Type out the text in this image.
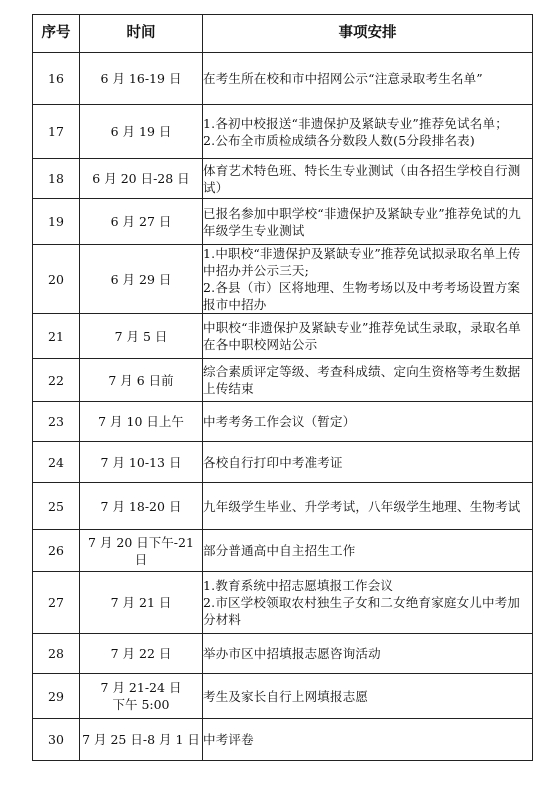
序号	时间	事项安排
16	6 月 16-19 日	在考生所在校和市中招网公示“注意录取考生名单”

17	6 月 19 日	1.各初中校报送“非遗保护及紧缺专业”推荐免试名单；
2.公布全市质检成绩各分数段人数(5分段排名表)

18	6 月 20 日-28 日	体育艺术特色班、特长生专业测试（由各招生学校自行测试）

19	6 月 27 日	已报名参加中职学校“非遗保护及紧缺专业”推荐免试的九年级学生专业测试

20	6 月 29 日	1.中职校“非遗保护及紧缺专业”推荐免试拟录取名单上传中招办并公示三天;
2.各县（市）区将地理、生物考场以及中考考场设置方案报市中招办

21	7 月 5 日	中职校“非遗保护及紧缺专业”推荐免试生录取，录取名单在各中职校网站公示

22	7 月 6 日前	综合素质评定等级、考查科成绩、定向生资格等考生数据上传结束

23	7 月 10 日上午	中考考务工作会议（暂定）

24	7 月 10-13 日	各校自行打印中考准考证

25	7 月 18-20 日	九年级学生毕业、升学考试，八年级学生地理、生物考试

26	7 月 20 日下午-21 日	部分普通高中自主招生工作

27	7 月 21 日	1.教育系统中招志愿填报工作会议
2.市区学校领取农村独生子女和二女绝育家庭女儿中考加分材料

28	7 月 22 日	举办市区中招填报志愿咨询活动

29	7 月 21-24 日
下午 5:00	考生及家长自行上网填报志愿

30	7 月 25 日-8 月 1 日	中考评卷
